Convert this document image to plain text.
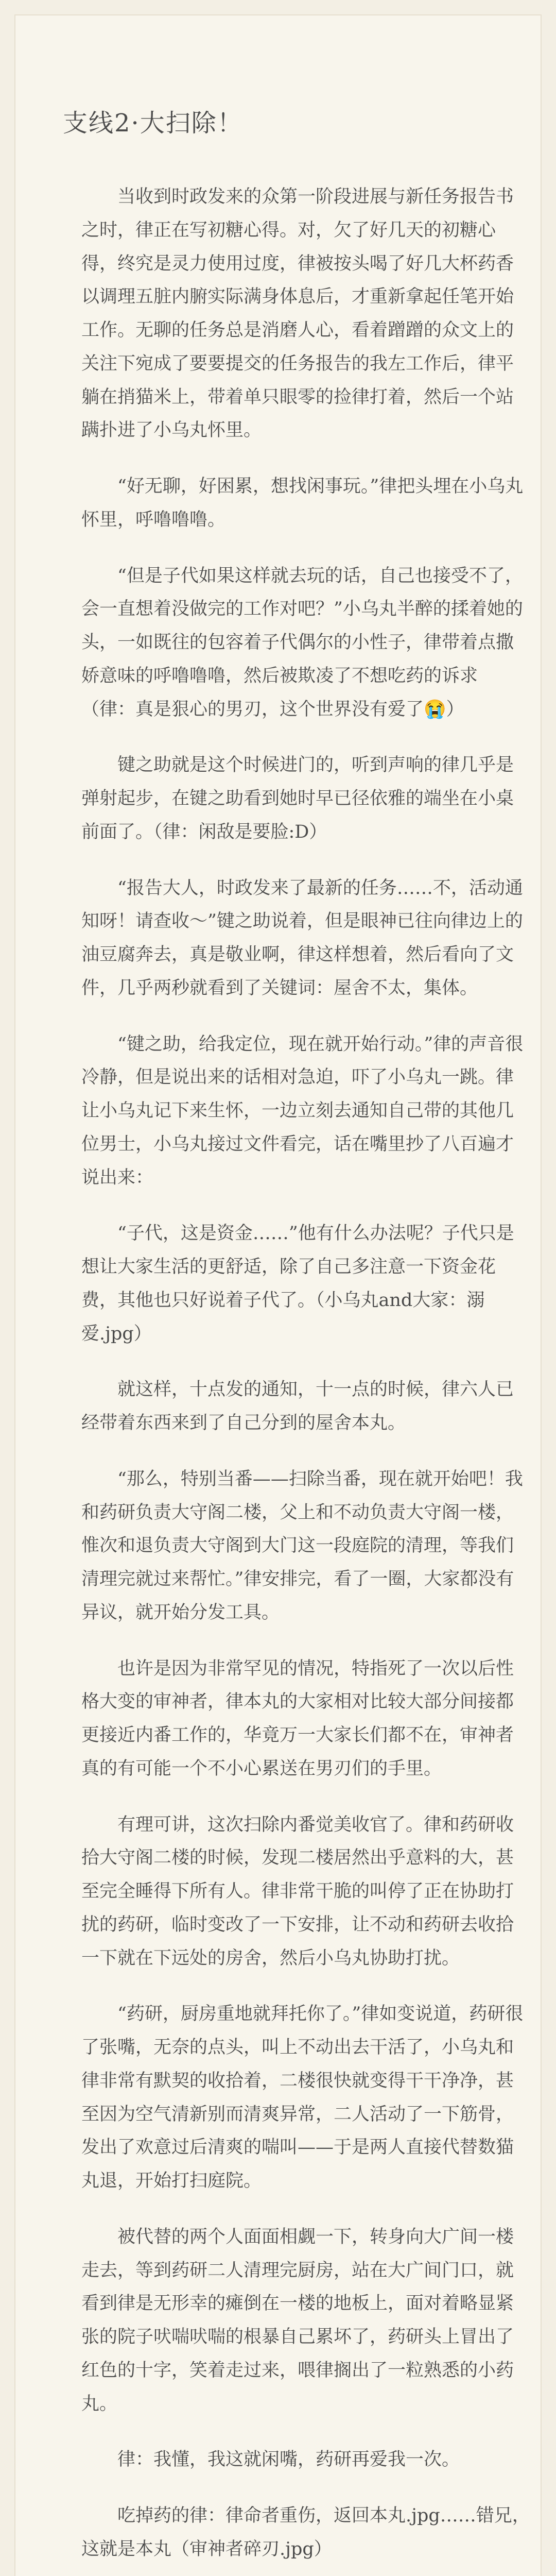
支线2·大扫除！

当收到时政发来的众第一阶段进展与新任务报告书之时，律正在写初糖心得。对，欠了好几天的初糖心得，终究是灵力使用过度，律被按头喝了好几大杯药香以调理五脏内腑实际满身体息后，才重新拿起任笔开始工作。无聊的任务总是消磨人心，看着蹭蹭的众文上的关注下宛成了要要提交的任务报告的我左工作后，律平躺在捎猫米上，带着单只眼零的捡律打着，然后一个站蹒扑进了小乌丸怀里。

“好无聊，好困累，想找闲事玩。”律把头埋在小乌丸怀里，呼噜噜噜。

“但是子代如果这样就去玩的话，自己也接受不了，会一直想着没做完的工作对吧？”小乌丸半醉的揉着她的头，一如既往的包容着子代偶尔的小性子，律带着点撒娇意味的呼噜噜噜，然后被欺凌了不想吃药的诉求（律：真是狠心的男刃，这个世界没有爱了😭）

键之助就是这个时候进门的，听到声响的律几乎是弹射起步，在键之助看到她时早已径依雅的端坐在小桌前面了。（律：闲敌是要脸:D）

“报告大人，时政发来了最新的任务……不，活动通知呀！请查收～”键之助说着，但是眼神已往向律边上的油豆腐奔去，真是敬业啊，律这样想着，然后看向了文件，几乎两秒就看到了关键词：屋舍不太，集体。

“键之助，给我定位，现在就开始行动。”律的声音很冷静，但是说出来的话相对急迫，吓了小乌丸一跳。律让小乌丸记下来生怀，一边立刻去通知自己带的其他几位男士，小乌丸接过文件看完，话在嘴里抄了八百遍才说出来：

“子代，这是资金……”他有什么办法呢？子代只是想让大家生活的更舒适，除了自己多注意一下资金花费，其他也只好说着子代了。（小乌丸and大家：溺爱.jpg）

就这样，十点发的通知，十一点的时候，律六人已经带着东西来到了自己分到的屋舍本丸。

“那么，特别当番——扫除当番，现在就开始吧！我和药研负责大守阁二楼，父上和不动负责大守阁一楼，惟次和退负责大守阁到大门这一段庭院的清理，等我们清理完就过来帮忙。”律安排完，看了一圈，大家都没有异议，就开始分发工具。

也许是因为非常罕见的情况，特指死了一次以后性格大变的审神者，律本丸的大家相对比较大部分间接都更接近内番工作的，华竟万一大家长们都不在，审神者真的有可能一个不小心累送在男刃们的手里。

有理可讲，这次扫除内番觉美收官了。律和药研收拾大守阁二楼的时候，发现二楼居然出乎意料的大，甚至完全睡得下所有人。律非常干脆的叫停了正在协助打扰的药研，临时变改了一下安排，让不动和药研去收拾一下就在下远处的房舍，然后小乌丸协助打扰。

“药研，厨房重地就拜托你了。”律如变说道，药研很了张嘴，无奈的点头，叫上不动出去干活了，小乌丸和律非常有默契的收拾着，二楼很快就变得干干净净，甚至因为空气清新别而清爽异常，二人活动了一下筋骨，发出了欢意过后清爽的喘叫——于是两人直接代替数猫丸退，开始打扫庭院。

被代替的两个人面面相觑一下，转身向大广间一楼走去，等到药研二人清理完厨房，站在大广间门口，就看到律是无形幸的瘫倒在一楼的地板上，面对着略显紧张的院子吠喘吠喘的根暴自己累坏了，药研头上冒出了红色的十字，笑着走过来，喂律搁出了一粒熟悉的小药丸。

律：我懂，我这就闲嘴，药研再爱我一次。

吃掉药的律：律命者重伤，返回本丸.jpg……错兄，这就是本丸（审神者碎刃.jpg）
